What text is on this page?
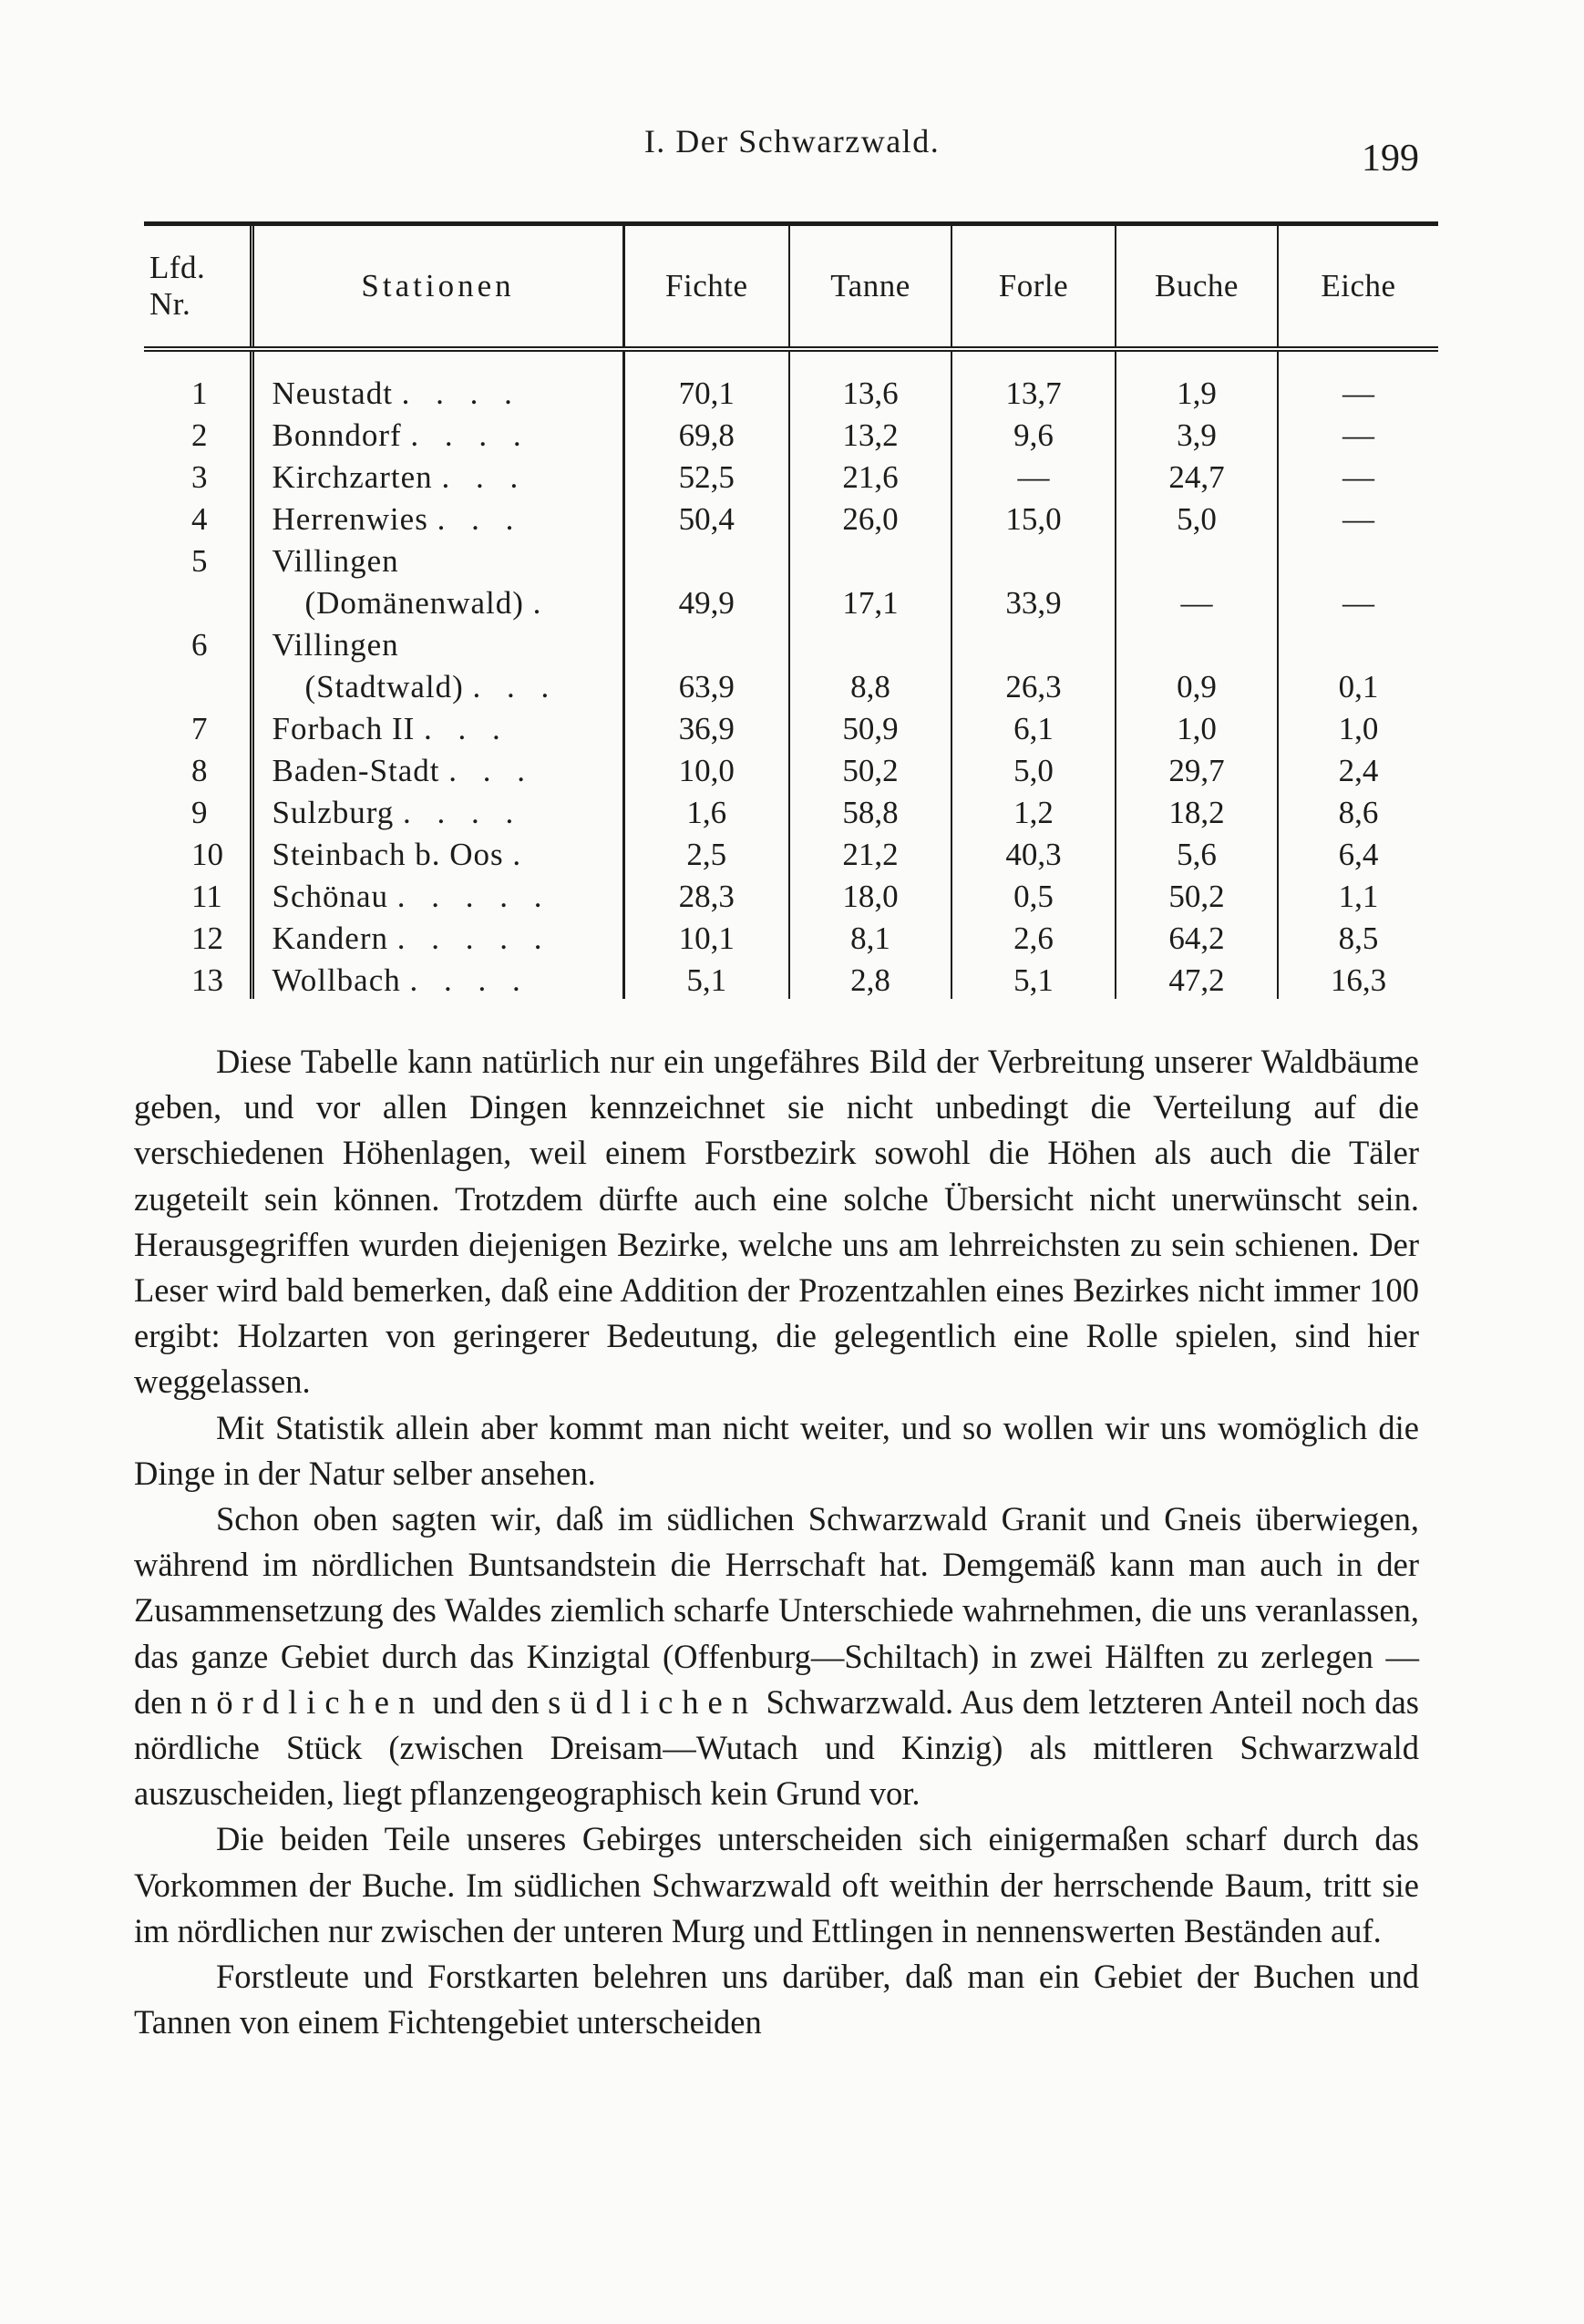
I. Der Schwarzwald.	199
Lfd.
Nr.	Stationen	Fichte	Tanne	Forle	Buche	Eiche
1	Neustadt . . . .	70,1	13,6	13,7	1,9	—
2	Bonndorf . . . .	69,8	13,2	9,6	3,9	—
3	Kirchzarten . . .	52,5	21,6	—	24,7	—
4	Herrenwies . . .	50,4	26,0	15,0	5,0	—
5	Villingen					
	(Domänenwald) .	49,9	17,1	33,9	—	—
6	Villingen					
	(Stadtwald) . . .	63,9	8,8	26,3	0,9	0,1
7	Forbach II . . .	36,9	50,9	6,1	1,0	1,0
8	Baden-Stadt . . .	10,0	50,2	5,0	29,7	2,4
9	Sulzburg . . . .	1,6	58,8	1,2	18,2	8,6
10	Steinbach b. Oos .	2,5	21,2	40,3	5,6	6,4
11	Schönau . . . . .	28,3	18,0	0,5	50,2	1,1
12	Kandern . . . . .	10,1	8,1	2,6	64,2	8,5
13	Wollbach . . . .	5,1	2,8	5,1	47,2	16,3

Diese Tabelle kann natürlich nur ein ungefähres Bild der Verbreitung unserer Waldbäume geben, und vor allen Dingen kennzeichnet sie nicht unbedingt die Verteilung auf die verschiedenen Höhenlagen, weil einem Forstbezirk sowohl die Höhen als auch die Täler zugeteilt sein können. Trotzdem dürfte auch eine solche Übersicht nicht unerwünscht sein. Herausgegriffen wurden diejenigen Bezirke, welche uns am lehrreichsten zu sein schienen. Der Leser wird bald bemerken, daß eine Addition der Prozentzahlen eines Bezirkes nicht immer 100 ergibt: Holzarten von geringerer Bedeutung, die gelegentlich eine Rolle spielen, sind hier weggelassen.

Mit Statistik allein aber kommt man nicht weiter, und so wollen wir uns womöglich die Dinge in der Natur selber ansehen.

Schon oben sagten wir, daß im südlichen Schwarzwald Granit und Gneis überwiegen, während im nördlichen Buntsandstein die Herrschaft hat. Demgemäß kann man auch in der Zusammensetzung des Waldes ziemlich scharfe Unterschiede wahrnehmen, die uns veranlassen, das ganze Gebiet durch das Kinzigtal (Offenburg—Schiltach) in zwei Hälften zu zerlegen — den nördlichen und den südlichen Schwarzwald. Aus dem letzteren Anteil noch das nördliche Stück (zwischen Dreisam—Wutach und Kinzig) als mittleren Schwarzwald auszuscheiden, liegt pflanzengeographisch kein Grund vor.

Die beiden Teile unseres Gebirges unterscheiden sich einigermaßen scharf durch das Vorkommen der Buche. Im südlichen Schwarzwald oft weithin der herrschende Baum, tritt sie im nördlichen nur zwischen der unteren Murg und Ettlingen in nennenswerten Beständen auf.

Forstleute und Forstkarten belehren uns darüber, daß man ein Gebiet der Buchen und Tannen von einem Fichtengebiet unterscheiden
